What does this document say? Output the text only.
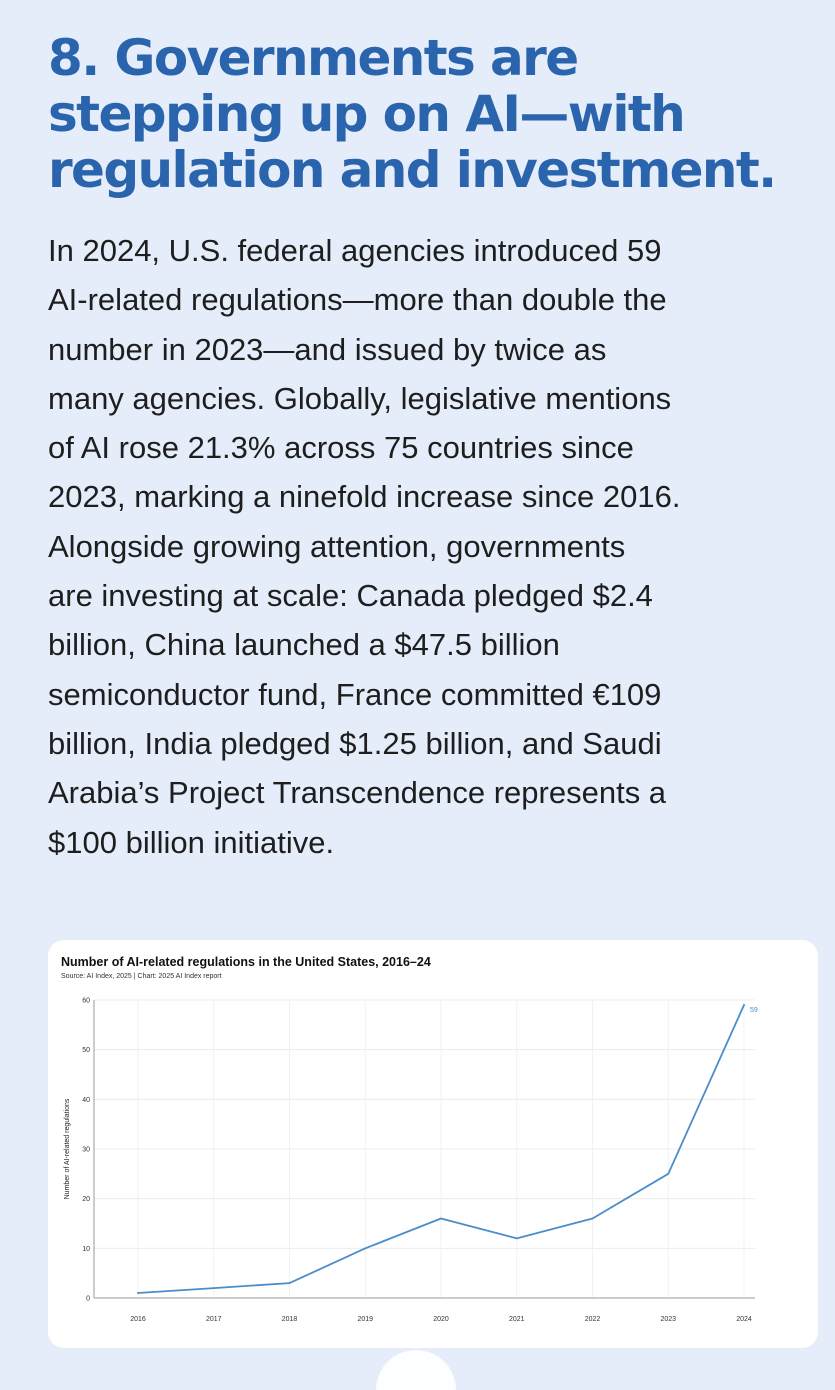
8. Governments are
stepping up on AI—with
regulation and investment.

In 2024, U.S. federal agencies introduced 59
AI-related regulations—more than double the
number in 2023—and issued by twice as
many agencies. Globally, legislative mentions
of AI rose 21.3% across 75 countries since
2023, marking a ninefold increase since 2016.
Alongside growing attention, governments
are investing at scale: Canada pledged $2.4
billion, China launched a $47.5 billion
semiconductor fund, France committed €109
billion, India pledged $1.25 billion, and Saudi
Arabia’s Project Transcendence represents a
$100 billion initiative.

Number of AI-related regulations in the United States, 2016–24
Source: AI Index, 2025 | Chart: 2025 AI Index report
0
10
20
30
40
50
60
2016	2017	2018	2019	2020	2021	2022	2023	2024
Number of AI-related regulations
59
